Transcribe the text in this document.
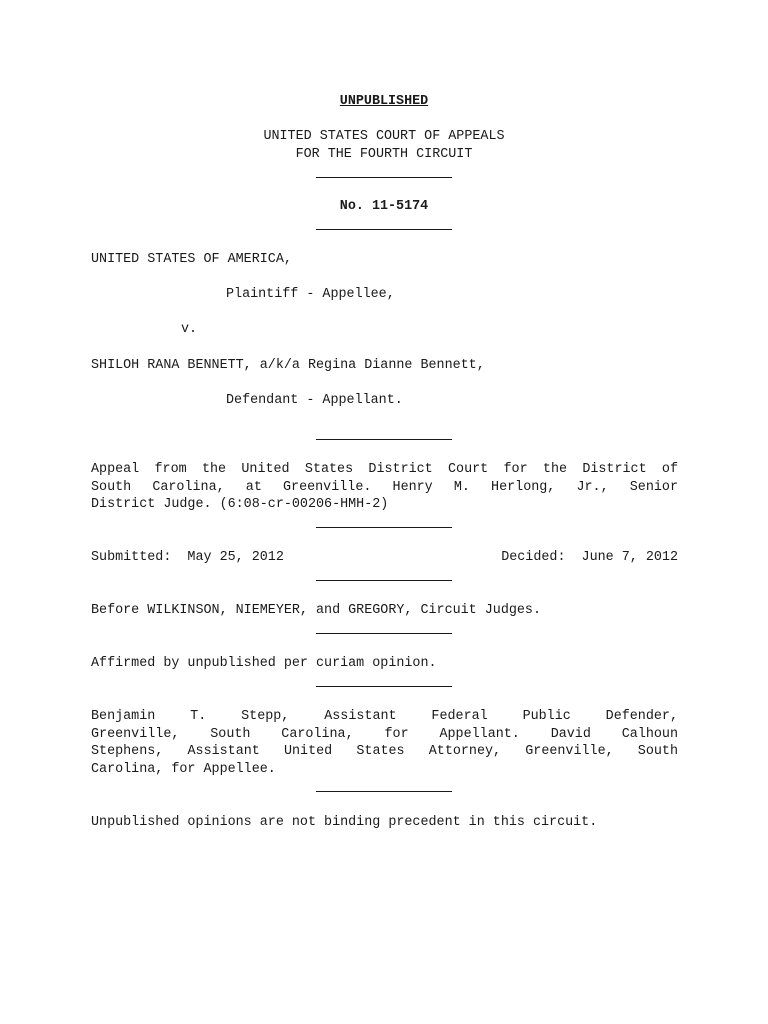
UNPUBLISHED
UNITED STATES COURT OF APPEALS
FOR THE FOURTH CIRCUIT
No. 11-5174
UNITED STATES OF AMERICA,
Plaintiff - Appellee,
v.
SHILOH RANA BENNETT, a/k/a Regina Dianne Bennett,
Defendant - Appellant.
Appeal from the United States District Court for the District of
South Carolina, at Greenville. Henry M. Herlong, Jr., Senior
District Judge. (6:08-cr-00206-HMH-2)
Submitted:  May 25, 2012	Decided:  June 7, 2012
Before WILKINSON, NIEMEYER, and GREGORY, Circuit Judges.
Affirmed by unpublished per curiam opinion.
Benjamin T. Stepp, Assistant Federal Public Defender,
Greenville, South Carolina, for Appellant. David Calhoun
Stephens, Assistant United States Attorney, Greenville, South
Carolina, for Appellee.
Unpublished opinions are not binding precedent in this circuit.
